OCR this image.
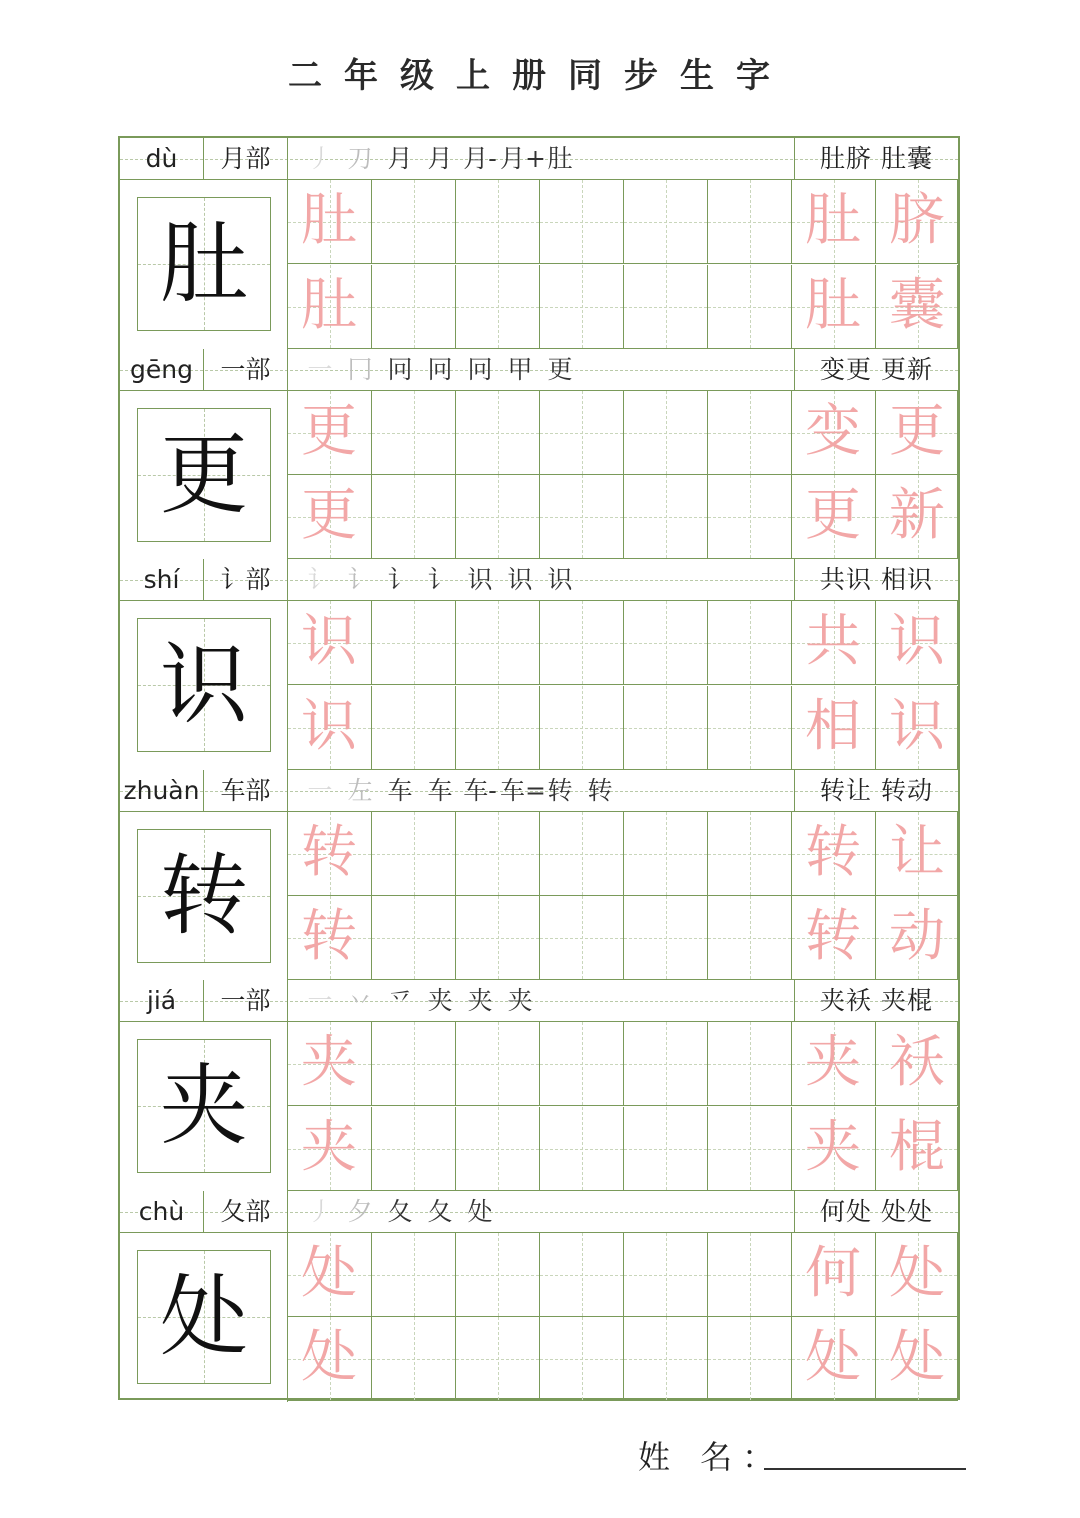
二年级上册同步生字
dù	月部	丿 刀 月 月 月- 月+肚	肚脐 肚囊
肚 肚	肚 脐
肚	肚 囊
gēng	一部	一 冂 冋 冋 冋 甲 更	变更 更新
更 更	变 更
更	更 新
shí	讠部	讠 讠 讠 讠 识 识 识	共识 相识
识 识	共 识
识	相 识
zhuàn 车部	一 左 车 车 车- 车=转 转	转让 转动
转 转	转 让
转	转 动
jiá	一部	一 丷 乊 夹 夹 夹	夹袄 夹棍
夹 夹	夹 袄
夹	夹 棍
chù	夂部	丿 夕 夂 夂 处	何处 处处
处 处	何 处
处	处 处
姓 名：
